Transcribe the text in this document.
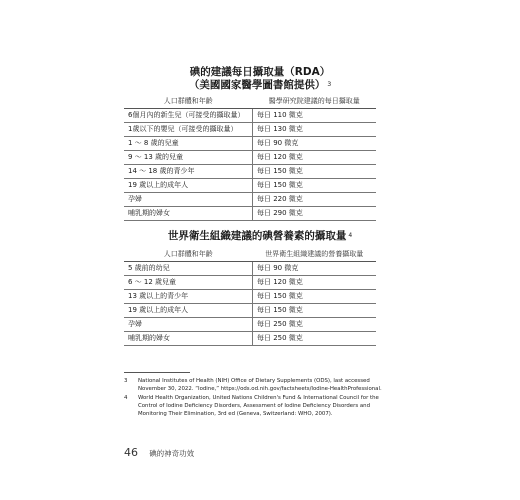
碘的建議每日攝取量（RDA）
（美國國家醫學圖書館提供） $^3$
人口群體和年齡	醫學研究院建議的每日攝取量
6個月內的新生兒（可接受的攝取量）	每日 110 微克
1歲以下的嬰兒（可接受的攝取量）	每日 130 微克
1 ～ 8 歲的兒童	每日 90 微克
9 ～ 13 歲的兒童	每日 120 微克
14 ～ 18 歲的青少年	每日 150 微克
19 歲以上的成年人	每日 150 微克
孕婦	每日 220 微克
哺乳期的婦女	每日 290 微克
世界衛生組織建議的碘營養素的攝取量 $^4$
人口群體和年齡	世界衛生組織建議的營養攝取量
5 歲前的幼兒	每日 90 微克
6 ～ 12 歲兒童	每日 120 微克
13 歲以上的青少年	每日 150 微克
19 歲以上的成年人	每日 150 微克
孕婦	每日 250 微克
哺乳期的婦女	每日 250 微克
3 National Institutes of Health (NIH) Office of Dietary Supplements (ODS), last accessed November 30, 2022. “Iodine,” https://ods.od.nih.gov/factsheets/Iodine-HealthProfessional.
4 World Health Organization, United Nations Children's Fund & International Council for the Control of Iodine Deficiency Disorders, Assessment of Iodine Deficiency Disorders and Monitoring Their Elimination, 3rd ed (Geneva, Switzerland: WHO, 2007).
46 碘的神奇功效
